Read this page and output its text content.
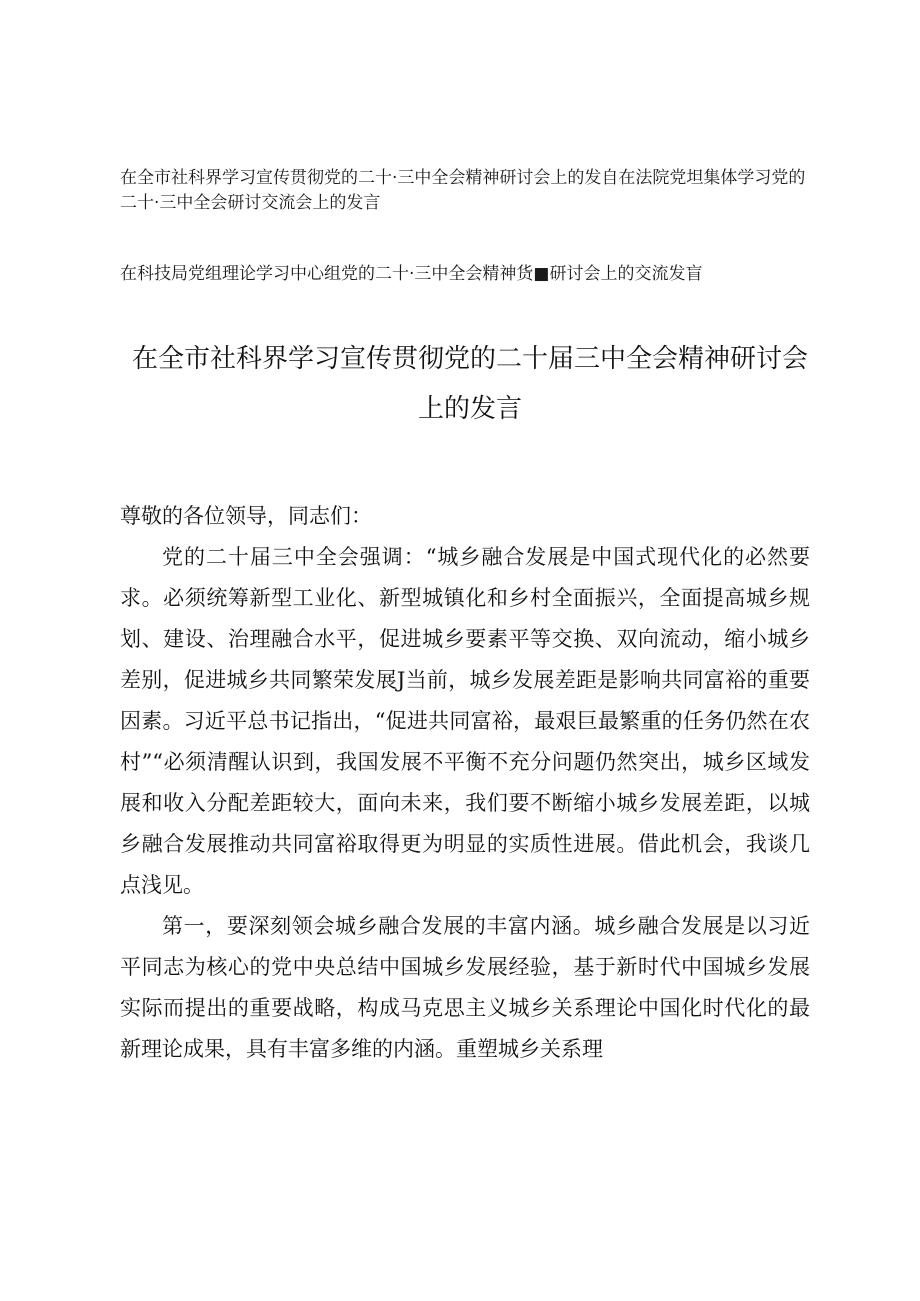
在全市社科界学习宣传贯彻党的二十·三中全会精神研讨会上的发自在法院党坦集体学习党的二十·三中全会研讨交流会上的发言
在科技局党组理论学习中心组党的二十·三中全会精神货■研讨会上的交流发盲
在全市社科界学习宣传贯彻党的二十届三中全会精神研讨会上的发言

尊敬的各位领导，同志们：

党的二十届三中全会强调：“城乡融合发展是中国式现代化的必然要求。必须统筹新型工业化、新型城镇化和乡村全面振兴，全面提高城乡规划、建设、治理融合水平，促进城乡要素平等交换、双向流动，缩小城乡差别，促进城乡共同繁荣发展J当前，城乡发展差距是影响共同富裕的重要因素。习近平总书记指出，“促进共同富裕，最艰巨最繁重的任务仍然在农村”“必须清醒认识到，我国发展不平衡不充分问题仍然突出，城乡区域发展和收入分配差距较大，面向未来，我们要不断缩小城乡发展差距，以城乡融合发展推动共同富裕取得更为明显的实质性进展。借此机会，我谈几点浅见。

第一，要深刻领会城乡融合发展的丰富内涵。城乡融合发展是以习近平同志为核心的党中央总结中国城乡发展经验，基于新时代中国城乡发展实际而提出的重要战略，构成马克思主义城乡关系理论中国化时代化的最新理论成果，具有丰富多维的内涵。重塑城乡关系理
